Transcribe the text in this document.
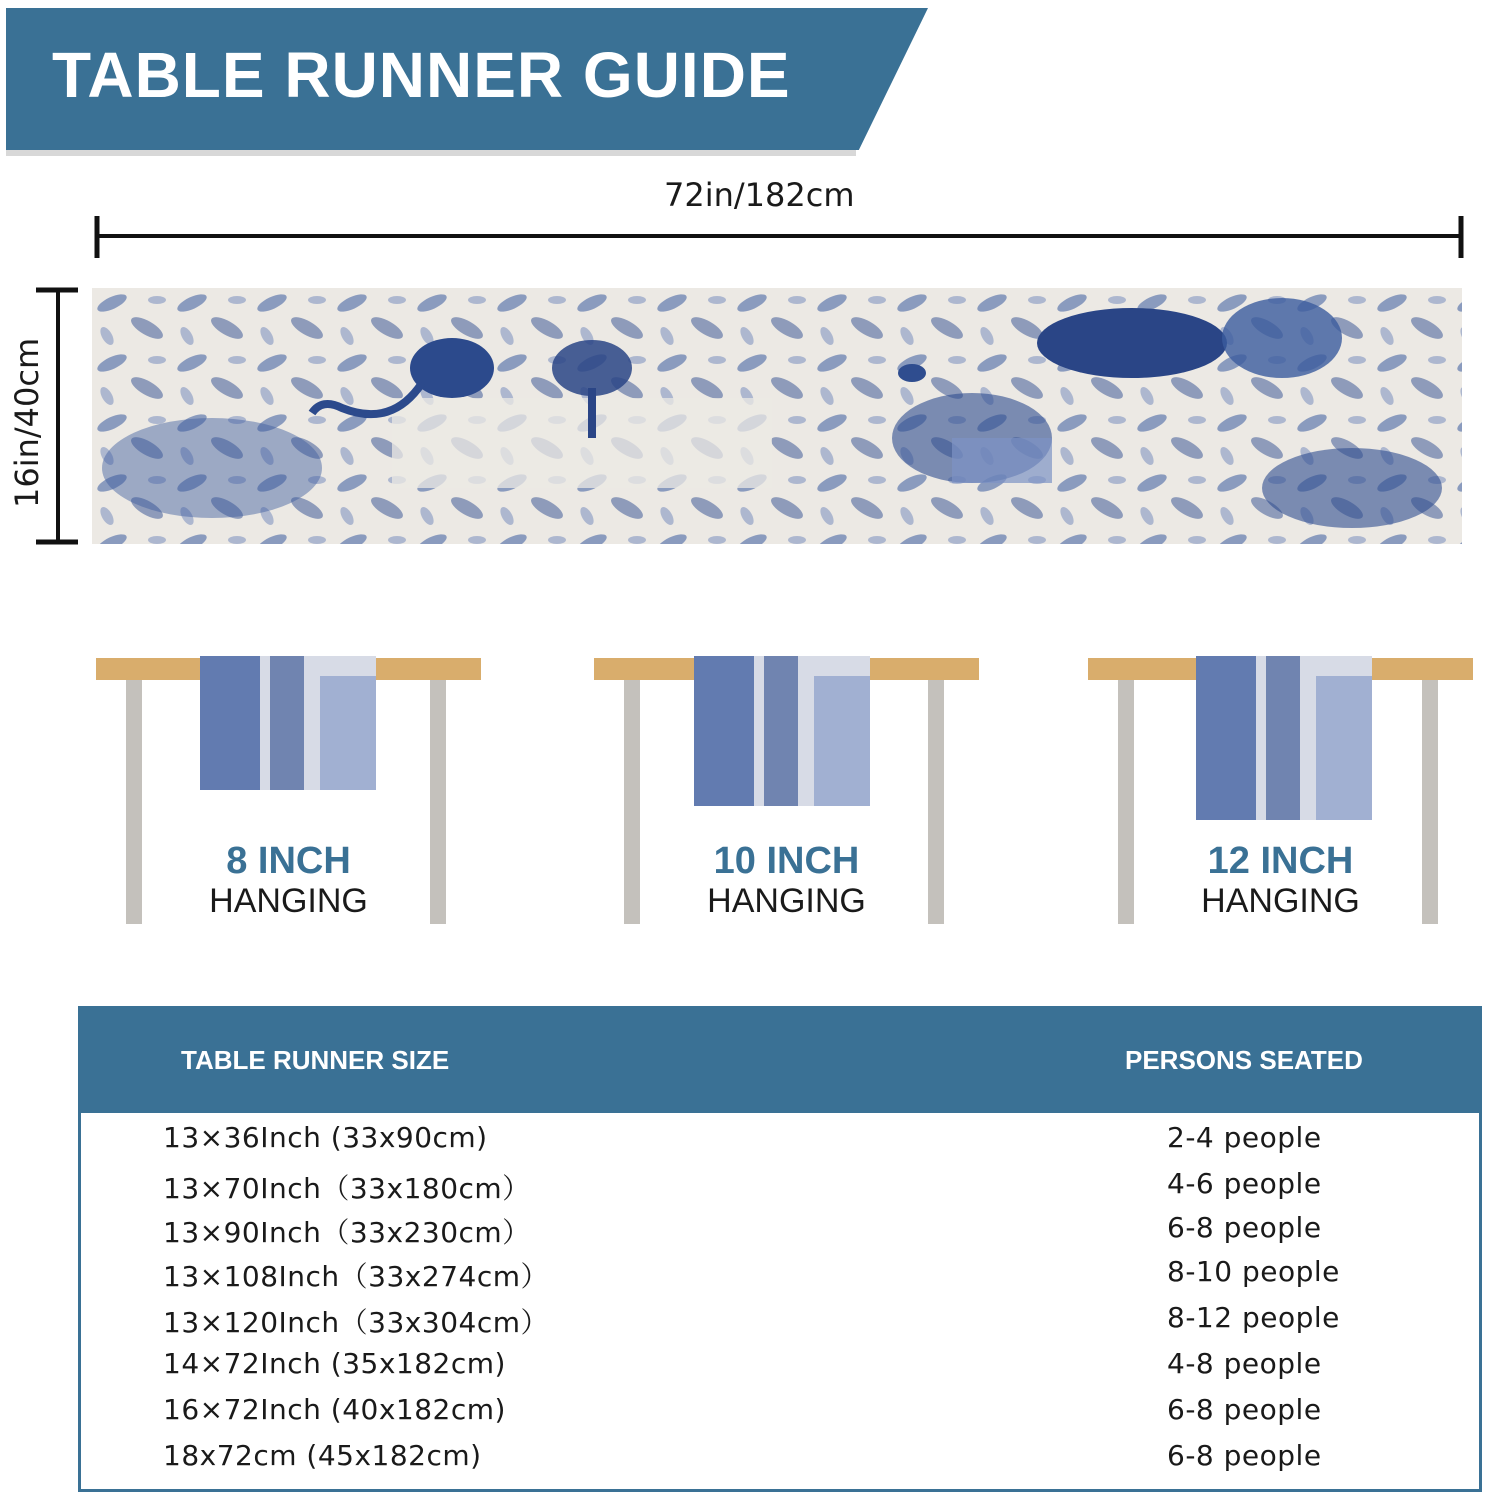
TABLE RUNNER GUIDE
72in/182cm
16in/40cm
8 INCH
HANGING
10 INCH
HANGING
12 INCH
HANGING
TABLE RUNNER SIZE	PERSONS SEATED
13×36Inch (33x90cm)	2-4 people
13×70Inch（33x180cm）	4-6 people
13×90Inch（33x230cm）	6-8 people
13×108Inch（33x274cm）	8-10 people
13×120Inch（33x304cm）	8-12 people
14×72Inch (35x182cm)	4-8 people
16×72Inch (40x182cm)	6-8 people
18x72cm (45x182cm)	6-8 people
